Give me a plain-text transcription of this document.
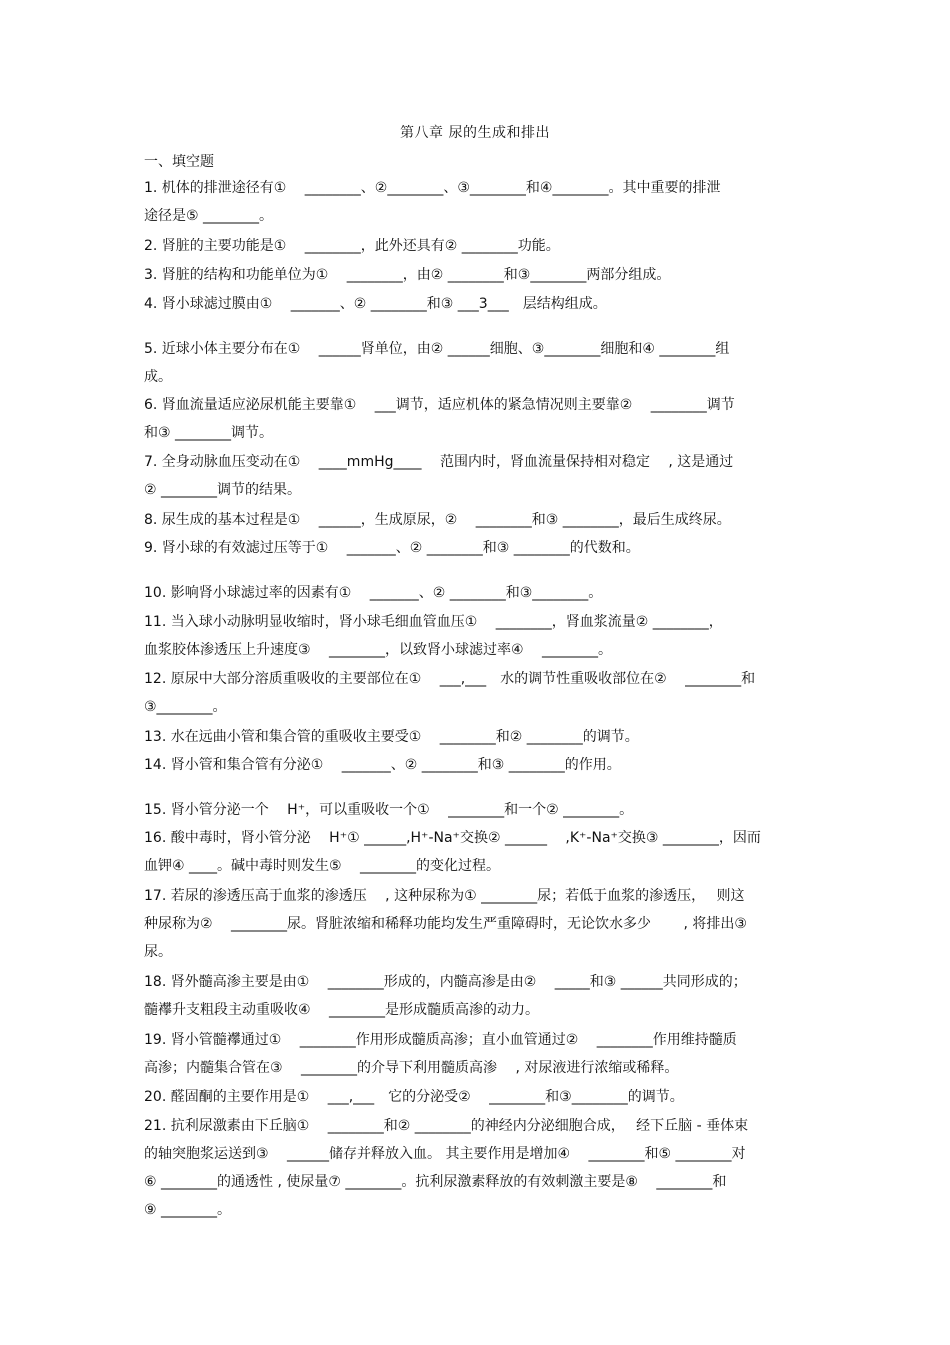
第八章 尿的生成和排出
一、填空题
1. 机体的排泄途径有①　 ________、②________、③________和④________。其中重要的排泄
途径是⑤ ________。
2. 肾脏的主要功能是①　 ________，此外还具有② ________功能。
3. 肾脏的结构和功能单位为①　 ________，由② ________和③________两部分组成。
4. 肾小球滤过膜由①　 _______、② ________和③ ___3___　层结构组成。
5. 近球小体主要分布在①　 ______肾单位，由② ______细胞、③________细胞和④ ________组
成。
6. 肾血流量适应泌尿机能主要靠①　 ___调节，适应机体的紧急情况则主要靠②　 ________调节
和③ ________调节。
7. 全身动脉血压变动在①　 ____mmHg____　 范围内时，肾血流量保持相对稳定　 , 这是通过
② ________调节的结果。
8. 尿生成的基本过程是①　 ______，生成原尿，②　 ________和③ ________，最后生成终尿。
9. 肾小球的有效滤过压等于①　 _______、② ________和③ ________的代数和。
10. 影响肾小球滤过率的因素有①　 _______、② ________和③________。
11. 当入球小动脉明显收缩时，肾小球毛细血管血压①　 ________，肾血浆流量② ________，
血浆胶体渗透压上升速度③　 ________，以致肾小球滤过率④　 ________。
12. 原尿中大部分溶质重吸收的主要部位在①　 ___,___　水的调节性重吸收部位在②　 ________和
③________。
13. 水在远曲小管和集合管的重吸收主要受①　 ________和② ________的调节。
14. 肾小管和集合管有分泌①　 _______、② ________和③ ________的作用。
15. 肾小管分泌一个　 H⁺，可以重吸收一个①　 ________和一个② ________。
16. 酸中毒时，肾小管分泌　 H⁺① ______,H⁺-Na⁺交换② ______　 ,K⁺-Na⁺交换③ ________，因而
血钾④ ____。碱中毒时则发生⑤　 ________的变化过程。
17. 若尿的渗透压高于血浆的渗透压　 , 这种尿称为① ________尿；若低于血浆的渗透压，　 则这
种尿称为②　 ________尿。肾脏浓缩和稀释功能均发生严重障碍时，无论饮水多少　　 , 将排出③
尿。
18. 肾外髓高渗主要是由①　 ________形成的，内髓高渗是由②　 _____和③ ______共同形成的；
髓襻升支粗段主动重吸收④　 ________是形成髓质高渗的动力。
19. 肾小管髓襻通过①　 ________作用形成髓质高渗；直小血管通过②　 ________作用维持髓质
高渗；内髓集合管在③　 ________的介导下利用髓质高渗　 , 对尿液进行浓缩或稀释。
20. 醛固酮的主要作用是①　 ___,___　它的分泌受②　 ________和③________的调节。
21. 抗利尿激素由下丘脑①　 ________和② ________的神经内分泌细胞合成，　 经下丘脑 - 垂体束
的轴突胞浆运送到③　 ______储存并释放入血。 其主要作用是增加④　 ________和⑤ ________对
⑥ ________的通透性 , 使尿量⑦ ________。抗利尿激素释放的有效刺激主要是⑧　 ________和
⑨ ________。
